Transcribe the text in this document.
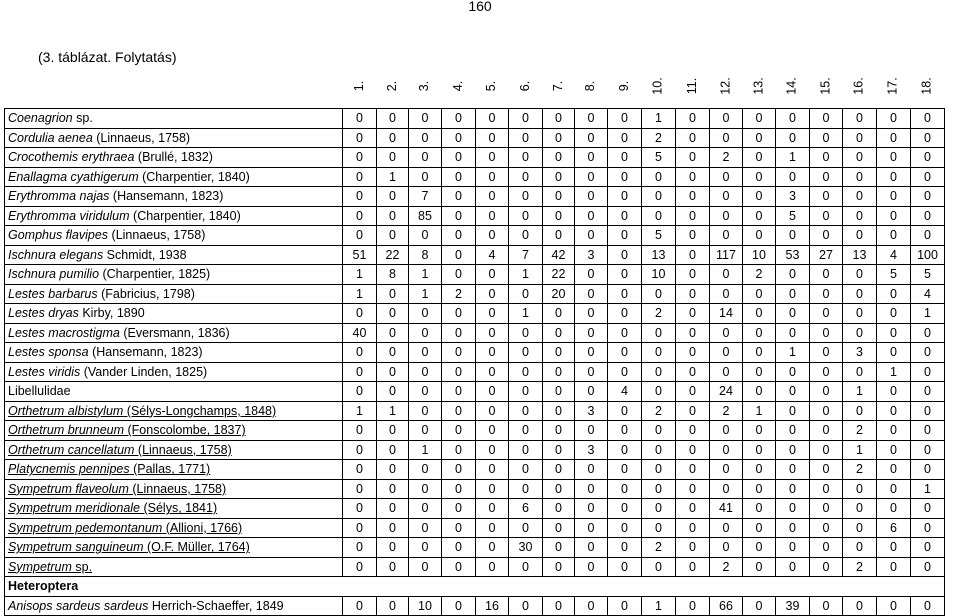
160
(3. táblázat. Folytatás)
1. 2. 3. 4. 5. 6. 7. 8. 9. 10. 11. 12. 13. 14. 15. 16. 17. 18.
Coenagrion sp.	0	0	0	0	0	0	0	0	0	1	0	0	0	0	0	0	0	0
Cordulia aenea (Linnaeus, 1758)	0	0	0	0	0	0	0	0	0	2	0	0	0	0	0	0	0	0
Crocothemis erythraea (Brullé, 1832)	0	0	0	0	0	0	0	0	0	5	0	2	0	1	0	0	0	0
Enallagma cyathigerum (Charpentier, 1840)	0	1	0	0	0	0	0	0	0	0	0	0	0	0	0	0	0	0
Erythromma najas (Hansemann, 1823)	0	0	7	0	0	0	0	0	0	0	0	0	0	3	0	0	0	0
Erythromma viridulum (Charpentier, 1840)	0	0	85	0	0	0	0	0	0	0	0	0	0	5	0	0	0	0
Gomphus flavipes (Linnaeus, 1758)	0	0	0	0	0	0	0	0	0	5	0	0	0	0	0	0	0	0
Ischnura elegans Schmidt, 1938	51	22	8	0	4	7	42	3	0	13	0	117	10	53	27	13	4	100
Ischnura pumilio (Charpentier, 1825)	1	8	1	0	0	1	22	0	0	10	0	0	2	0	0	0	5	5
Lestes barbarus (Fabricius, 1798)	1	0	1	2	0	0	20	0	0	0	0	0	0	0	0	0	0	4
Lestes dryas Kirby, 1890	0	0	0	0	0	1	0	0	0	2	0	14	0	0	0	0	0	1
Lestes macrostigma (Eversmann, 1836)	40	0	0	0	0	0	0	0	0	0	0	0	0	0	0	0	0	0
Lestes sponsa (Hansemann, 1823)	0	0	0	0	0	0	0	0	0	0	0	0	0	1	0	3	0	0
Lestes viridis (Vander Linden, 1825)	0	0	0	0	0	0	0	0	0	0	0	0	0	0	0	0	1	0
Libellulidae	0	0	0	0	0	0	0	0	4	0	0	24	0	0	0	1	0	0
Orthetrum albistylum (Sélys-Longchamps, 1848)	1	1	0	0	0	0	0	3	0	2	0	2	1	0	0	0	0	0
Orthetrum brunneum (Fonscolombe, 1837)	0	0	0	0	0	0	0	0	0	0	0	0	0	0	0	2	0	0
Orthetrum cancellatum (Linnaeus, 1758)	0	0	1	0	0	0	0	3	0	0	0	0	0	0	0	1	0	0
Platycnemis pennipes (Pallas, 1771)	0	0	0	0	0	0	0	0	0	0	0	0	0	0	0	2	0	0
Sympetrum flaveolum (Linnaeus, 1758)	0	0	0	0	0	0	0	0	0	0	0	0	0	0	0	0	0	1
Sympetrum meridionale (Sélys, 1841)	0	0	0	0	0	6	0	0	0	0	0	41	0	0	0	0	0	0
Sympetrum pedemontanum (Allioni, 1766)	0	0	0	0	0	0	0	0	0	0	0	0	0	0	0	0	6	0
Sympetrum sanguineum (O.F. Müller, 1764)	0	0	0	0	0	30	0	0	0	2	0	0	0	0	0	0	0	0
Sympetrum sp.	0	0	0	0	0	0	0	0	0	0	0	2	0	0	0	2	0	0
Heteroptera																		
Anisops sardeus sardeus Herrich-Schaeffer, 1849	0	0	10	0	16	0	0	0	0	1	0	66	0	39	0	0	0	0
